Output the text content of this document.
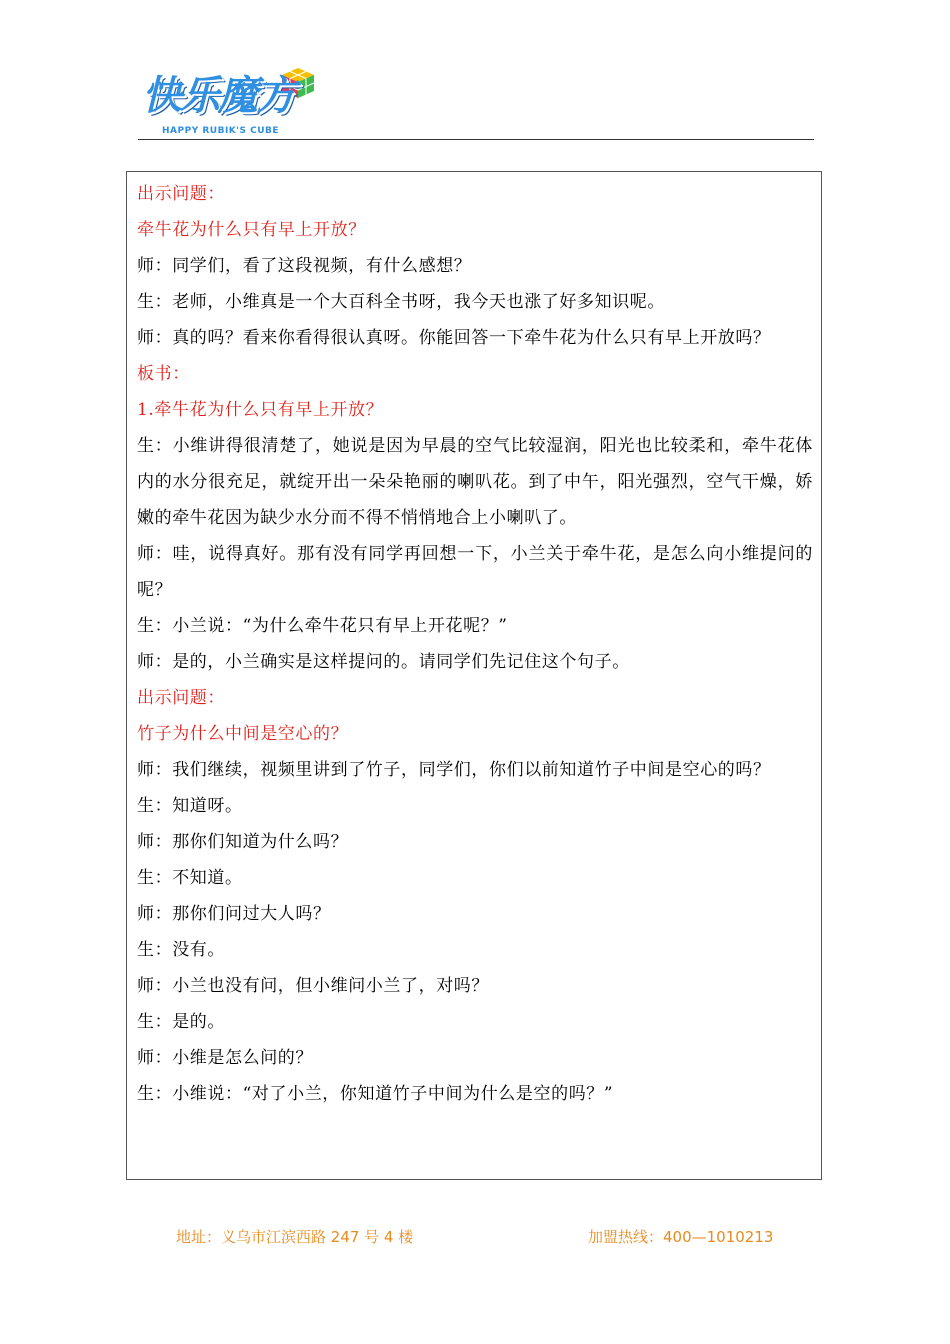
快乐魔方
HAPPY RUBIK'S CUBE

出示问题：

牵牛花为什么只有早上开放？

师：同学们，看了这段视频，有什么感想？

生：老师，小维真是一个大百科全书呀，我今天也涨了好多知识呢。

师：真的吗？看来你看得很认真呀。你能回答一下牵牛花为什么只有早上开放吗？

板书：

1.牵牛花为什么只有早上开放？

生：小维讲得很清楚了，她说是因为早晨的空气比较湿润，阳光也比较柔和，牵牛花体内的水分很充足，就绽开出一朵朵艳丽的喇叭花。到了中午，阳光强烈，空气干燥，娇嫩的牵牛花因为缺少水分而不得不悄悄地合上小喇叭了。

师：哇，说得真好。那有没有同学再回想一下，小兰关于牵牛花，是怎么向小维提问的呢？

生：小兰说：“为什么牵牛花只有早上开花呢？”

师：是的，小兰确实是这样提问的。请同学们先记住这个句子。

出示问题：

竹子为什么中间是空心的？

师：我们继续，视频里讲到了竹子，同学们，你们以前知道竹子中间是空心的吗？

生：知道呀。

师：那你们知道为什么吗？

生：不知道。

师：那你们问过大人吗？

生：没有。

师：小兰也没有问，但小维问小兰了，对吗？

生：是的。

师：小维是怎么问的？

生：小维说：“对了小兰，你知道竹子中间为什么是空的吗？”

地址：义乌市江滨西路 247 号 4 楼	加盟热线：400—1010213
